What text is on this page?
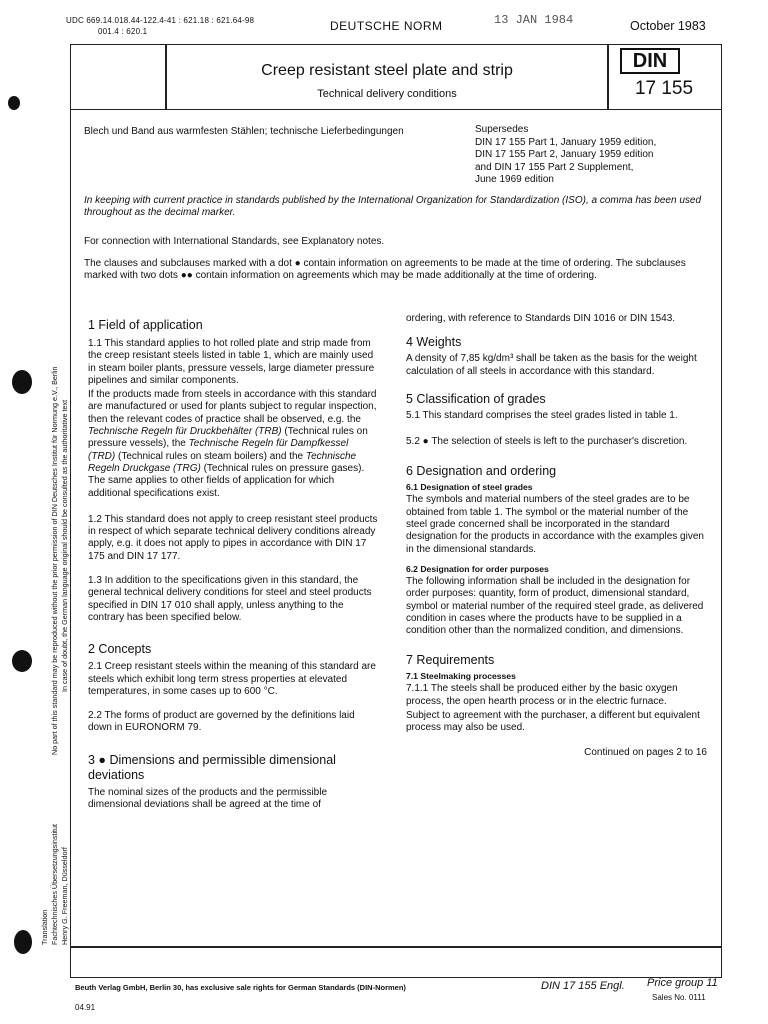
UDC 669.14.018.44-122.4-41 : 621.18 : 621.64-98
001.4 : 620.1	DEUTSCHE NORM	13 JAN 1984	October 1983
Creep resistant steel plate and strip
Technical delivery conditions
DIN
17 155
Blech und Band aus warmfesten Stählen; technische Lieferbedingungen	Supersedes
DIN 17 155 Part 1, January 1959 edition,
DIN 17 155 Part 2, January 1959 edition
and DIN 17 155 Part 2 Supplement,
June 1969 edition

In keeping with current practice in standards published by the International Organization for Standardization (ISO), a comma has been used throughout as the decimal marker.

For connection with International Standards, see Explanatory notes.

The clauses and subclauses marked with a dot ● contain information on agreements to be made at the time of ordering. The subclauses marked with two dots ●● contain information on agreements which may be made additionally at the time of ordering.

1 Field of application

1.1 This standard applies to hot rolled plate and strip made from the creep resistant steels listed in table 1, which are mainly used in steam boiler plants, pressure vessels, large diameter pressure pipelines and similar components.

If the products made from steels in accordance with this standard are manufactured or used for plants subject to regular inspection, then the relevant codes of practice shall be observed, e.g. the Technische Regeln für Druckbehälter (TRB) (Technical rules on pressure vessels), the Technische Regeln für Dampfkessel (TRD) (Technical rules on steam boilers) and the Technische Regeln Druckgase (TRG) (Technical rules on pressure gases). The same applies to other fields of application for which additional specifications exist.

1.2 This standard does not apply to creep resistant steel products in respect of which separate technical delivery conditions already apply, e.g. it does not apply to pipes in accordance with DIN 17 175 and DIN 17 177.

1.3 In addition to the specifications given in this standard, the general technical delivery conditions for steel and steel products specified in DIN 17 010 shall apply, unless anything to the contrary has been specified below.

2 Concepts

2.1 Creep resistant steels within the meaning of this standard are steels which exhibit long term stress properties at elevated temperatures, in some cases up to 600 °C.

2.2 The forms of product are governed by the definitions laid down in EURONORM 79.

3 ● Dimensions and permissible dimensional deviations

The nominal sizes of the products and the permissible dimensional deviations shall be agreed at the time of

ordering, with reference to Standards DIN 1016 or DIN 1543.

4 Weights

A density of 7,85 kg/dm³ shall be taken as the basis for the weight calculation of all steels in accordance with this standard.

5 Classification of grades

5.1 This standard comprises the steel grades listed in table 1.

5.2 ● The selection of steels is left to the purchaser's discretion.

6 Designation and ordering

6.1 Designation of steel grades

The symbols and material numbers of the steel grades are to be obtained from table 1. The symbol or the material number of the steel grade concerned shall be incorporated in the standard designation for the products in accordance with the examples given in the dimensional standards.

6.2 Designation for order purposes

The following information shall be included in the designation for order purposes: quantity, form of product, dimensional standard, symbol or material number of the required steel grade, as delivered condition in cases where the products have to be supplied in a condition other than the normalized condition, and dimensions.

7 Requirements

7.1 Steelmaking processes

7.1.1 The steels shall be produced either by the basic oxygen process, the open hearth process or in the electric furnace.

Subject to agreement with the purchaser, a different but equivalent process may also be used.

Continued on pages 2 to 16

No part of this standard may be reproduced without the prior permission of DIN Deutsches Institut für Normung e.V., Berlin In case of doubt, the German language original should be consulted as the authoritative text
Translation Fachtechnisches Übersetzungsinstitut Henry G. Freeman, Düsseldorf
Beuth Verlag GmbH, Berlin 30, has exclusive sale rights for German Standards (DIN-Normen)	DIN 17 155 Engl. Price group 11
Sales No. 0111
04.91
